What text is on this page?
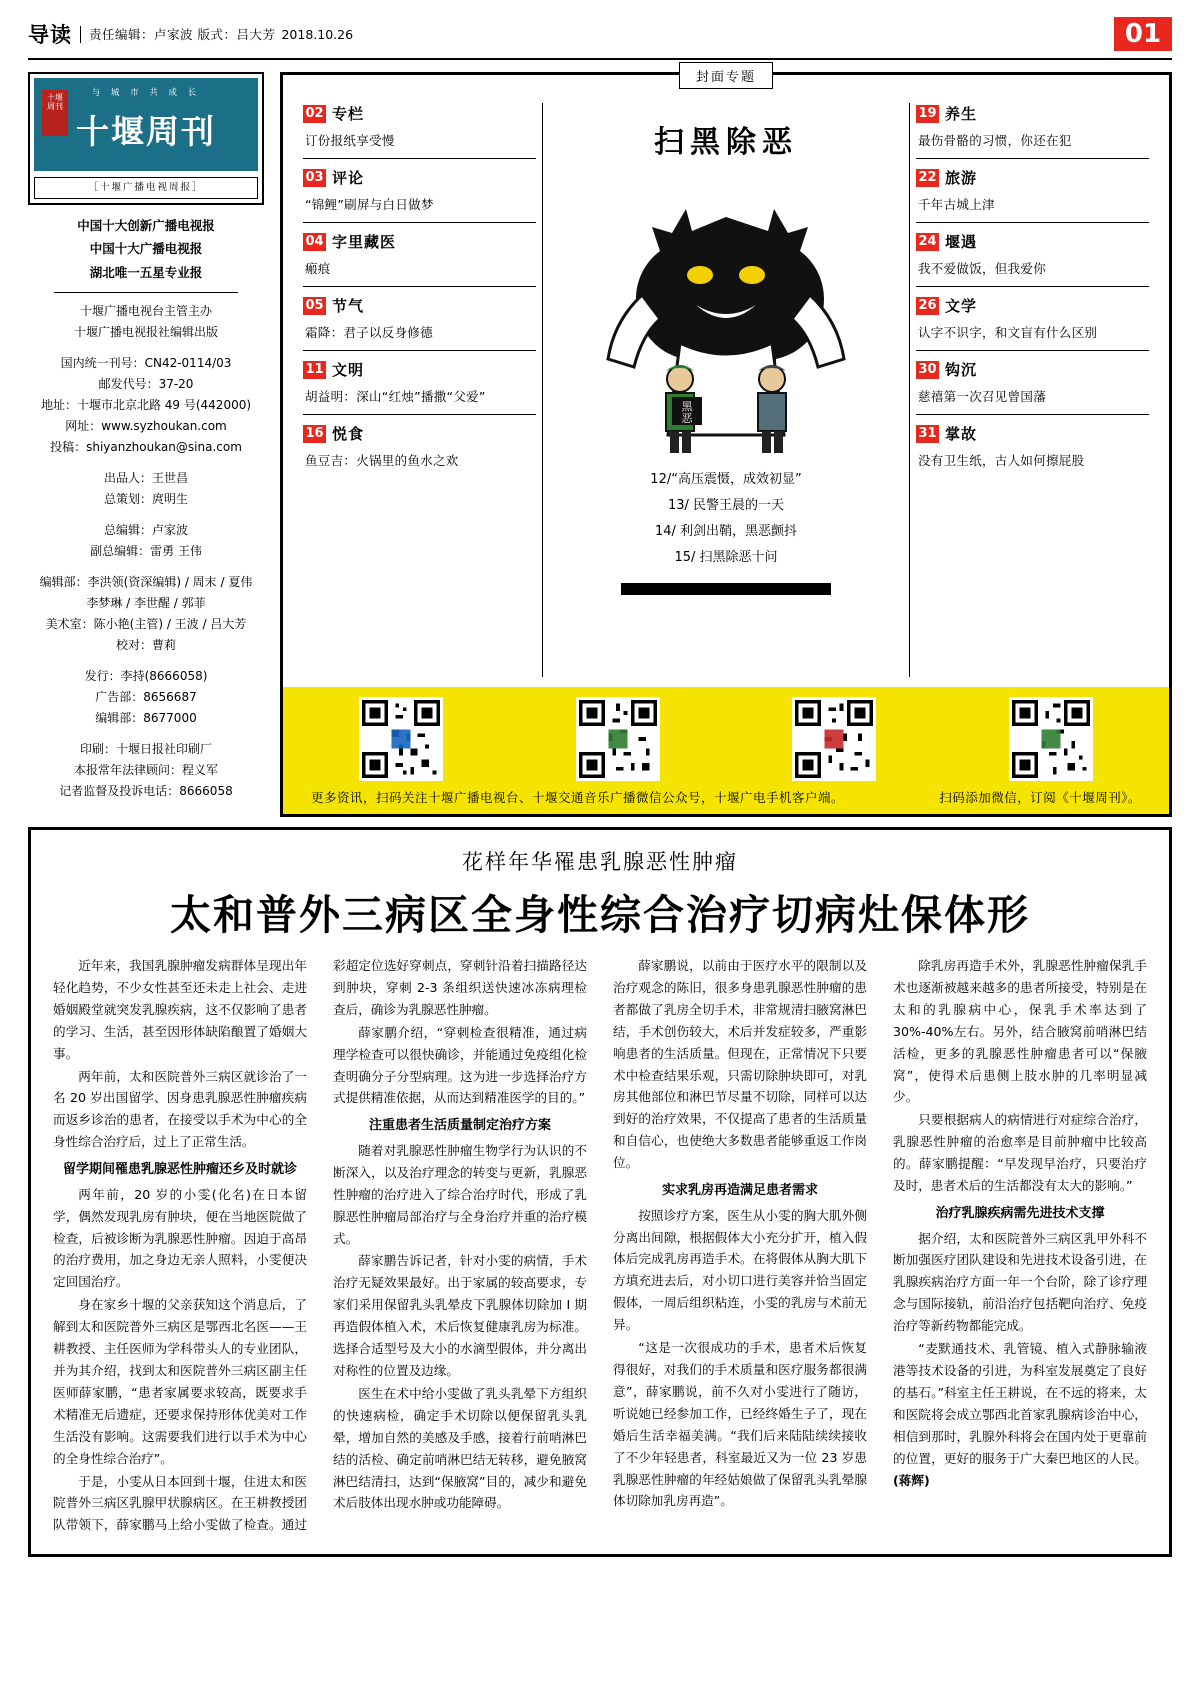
导读 责任编辑：卢家波 版式：吕大芳 2018.10.26	01
十堰周刊
与 城 市 共 成 长
十堰周刊
［十堰广播电视周报］

中国十大创新广播电视报

中国十大广播电视报

湖北唯一五星专业报

十堰广播电视台主管主办

十堰广播电视报社编辑出版

国内统一刊号：CN42-0114/03

邮发代号：37-20

地址：十堰市北京北路 49 号(442000)

网址：www.syzhoukan.com

投稿：shiyanzhoukan@sina.com

出品人：王世昌

总策划：庹明生

总编辑：卢家波

副总编辑：雷勇 王伟

编辑部：李洪领(资深编辑) / 周末 / 夏伟

李梦琳 / 李世醒 / 郭菲

美术室：陈小艳(主管) / 王波 / 吕大芳

校对：曹莉

发行：李持(8666058)

广告部：8656687

编辑部：8677000

印刷：十堰日报社印刷厂

本报常年法律顾问：程义军

记者监督及投诉电话：8666058

封面专题
02 专栏
订份报纸享受慢
03 评论
“锦鲤”刷屏与白日做梦
04 字里藏医
瘢痕
05 节气
霜降：君子以反身修德
11 文明
胡益明：深山“红烛”播撒“父爱”
16 悦食
鱼豆吉：火锅里的鱼水之欢
扫黑除恶
黑
恶
12/“高压震慑，成效初显”
13/ 民警王晨的一天
14/ 利剑出鞘，黑恶颤抖
15/ 扫黑除恶十问
19 养生
最伤骨骼的习惯，你还在犯
22 旅游
千年古城上津
24 堰遇
我不爱做饭，但我爱你
26 文学
认字不识字，和文盲有什么区别
30 钩沉
慈禧第一次召见曾国藩
31 掌故
没有卫生纸，古人如何擦屁股
更多资讯，扫码关注十堰广播电视台、十堰交通音乐广播微信公众号，十堰广电手机客户端。	扫码添加微信，订阅《十堰周刊》。
花样年华罹患乳腺恶性肿瘤
太和普外三病区全身性综合治疗切病灶保体形

近年来，我国乳腺肿瘤发病群体呈现出年轻化趋势，不少女性甚至还未走上社会、走进婚姻殿堂就突发乳腺疾病，这不仅影响了患者的学习、生活，甚至因形体缺陷酿置了婚姻大事。

两年前，太和医院普外三病区就诊治了一名 20 岁出国留学、因身患乳腺恶性肿瘤疾病而返乡诊治的患者，在接受以手术为中心的全身性综合治疗后，过上了正常生活。

留学期间罹患乳腺恶性肿瘤还乡及时就诊

两年前，20 岁的小雯(化名)在日本留学，偶然发现乳房有肿块，便在当地医院做了检查，后被诊断为乳腺恶性肿瘤。因迫于高昂的治疗费用，加之身边无亲人照料，小雯便决定回国治疗。

身在家乡十堰的父亲获知这个消息后，了解到太和医院普外三病区是鄂西北名医——王耕教授、主任医师为学科带头人的专业团队，并为其介绍，找到太和医院普外三病区副主任医师薛家鹏，“患者家属要求较高，既要求手术精准无后遗症，还要求保持形体优美对工作生活没有影响。这需要我们进行以手术为中心的全身性综合治疗”。

于是，小雯从日本回到十堰，住进太和医院普外三病区乳腺甲状腺病区。在王耕教授团队带领下，薛家鹏马上给小雯做了检查。通过彩超定位选好穿刺点，穿刺针沿着扫描路径达到肿块，穿刺 2-3 条组织送快速冰冻病理检查后，确诊为乳腺恶性肿瘤。

薛家鹏介绍，“穿刺检查很精准，通过病理学检查可以很快确诊，并能通过免疫组化检查明确分子分型病理。这为进一步选择治疗方式提供精准依据，从而达到精准医学的目的。”

注重患者生活质量制定治疗方案

随着对乳腺恶性肿瘤生物学行为认识的不断深入，以及治疗理念的转变与更新，乳腺恶性肿瘤的治疗进入了综合治疗时代，形成了乳腺恶性肿瘤局部治疗与全身治疗并重的治疗模式。

薛家鹏告诉记者，针对小雯的病情，手术治疗无疑效果最好。出于家属的较高要求，专家们采用保留乳头乳晕皮下乳腺体切除加 I 期再造假体植入术，术后恢复健康乳房为标准。选择合适型号及大小的水滴型假体，并分离出对称性的位置及边缘。

医生在术中给小雯做了乳头乳晕下方组织的快速病检，确定手术切除以便保留乳头乳晕，增加自然的美感及手感，接着行前哨淋巴结的活检、确定前哨淋巴结无转移，避免腋窝淋巴结清扫，达到“保腋窝”目的，减少和避免术后肢体出现水肿或功能障碍。

薛家鹏说，以前由于医疗水平的限制以及治疗观念的陈旧，很多身患乳腺恶性肿瘤的患者都做了乳房全切手术，非常规清扫腋窝淋巴结，手术创伤较大，术后并发症较多，严重影响患者的生活质量。但现在，正常情况下只要术中检查结果乐观，只需切除肿块即可，对乳房其他部位和淋巴节尽量不切除，同样可以达到好的治疗效果，不仅提高了患者的生活质量和自信心，也使绝大多数患者能够重返工作岗位。

实求乳房再造满足患者需求

按照诊疗方案，医生从小雯的胸大肌外侧分离出间隙，根据假体大小充分扩开，植入假体后完成乳房再造手术。在将假体从胸大肌下方填充进去后，对小切口进行美容并恰当固定假体，一周后组织粘连，小雯的乳房与术前无异。

“这是一次很成功的手术，患者术后恢复得很好，对我们的手术质量和医疗服务都很满意”，薛家鹏说，前不久对小雯进行了随访，听说她已经参加工作，已经终婚生子了，现在婚后生活幸福美满。“我们后来陆陆续续接收了不少年轻患者，科室最近又为一位 23 岁患乳腺恶性肿瘤的年经姑娘做了保留乳头乳晕腺体切除加乳房再造”。

除乳房再造手术外，乳腺恶性肿瘤保乳手术也逐渐被越来越多的患者所接受，特别是在太和的乳腺病中心，保乳手术率达到了 30%-40%左右。另外，结合腋窝前哨淋巴结活检，更多的乳腺恶性肿瘤患者可以“保腋窝”，使得术后患侧上肢水肿的几率明显减少。

只要根据病人的病情进行对症综合治疗，乳腺恶性肿瘤的治愈率是目前肿瘤中比较高的。薛家鹏提醒：“早发现早治疗，只要治疗及时，患者术后的生活都没有太大的影响。”

治疗乳腺疾病需先进技术支撑

据介绍，太和医院普外三病区乳甲外科不断加强医疗团队建设和先进技术设备引进，在乳腺疾病治疗方面一年一个台阶，除了诊疗理念与国际接轨，前沿治疗包括靶向治疗、免疫治疗等新药物都能完成。

“麦默通技术、乳管镜、植入式静脉输液港等技术设备的引进，为科室发展奠定了良好的基石。”科室主任王耕说，在不远的将来，太和医院将会成立鄂西北首家乳腺病诊治中心，相信到那时，乳腺外科将会在国内处于更靠前的位置，更好的服务于广大秦巴地区的人民。(蒋辉)
